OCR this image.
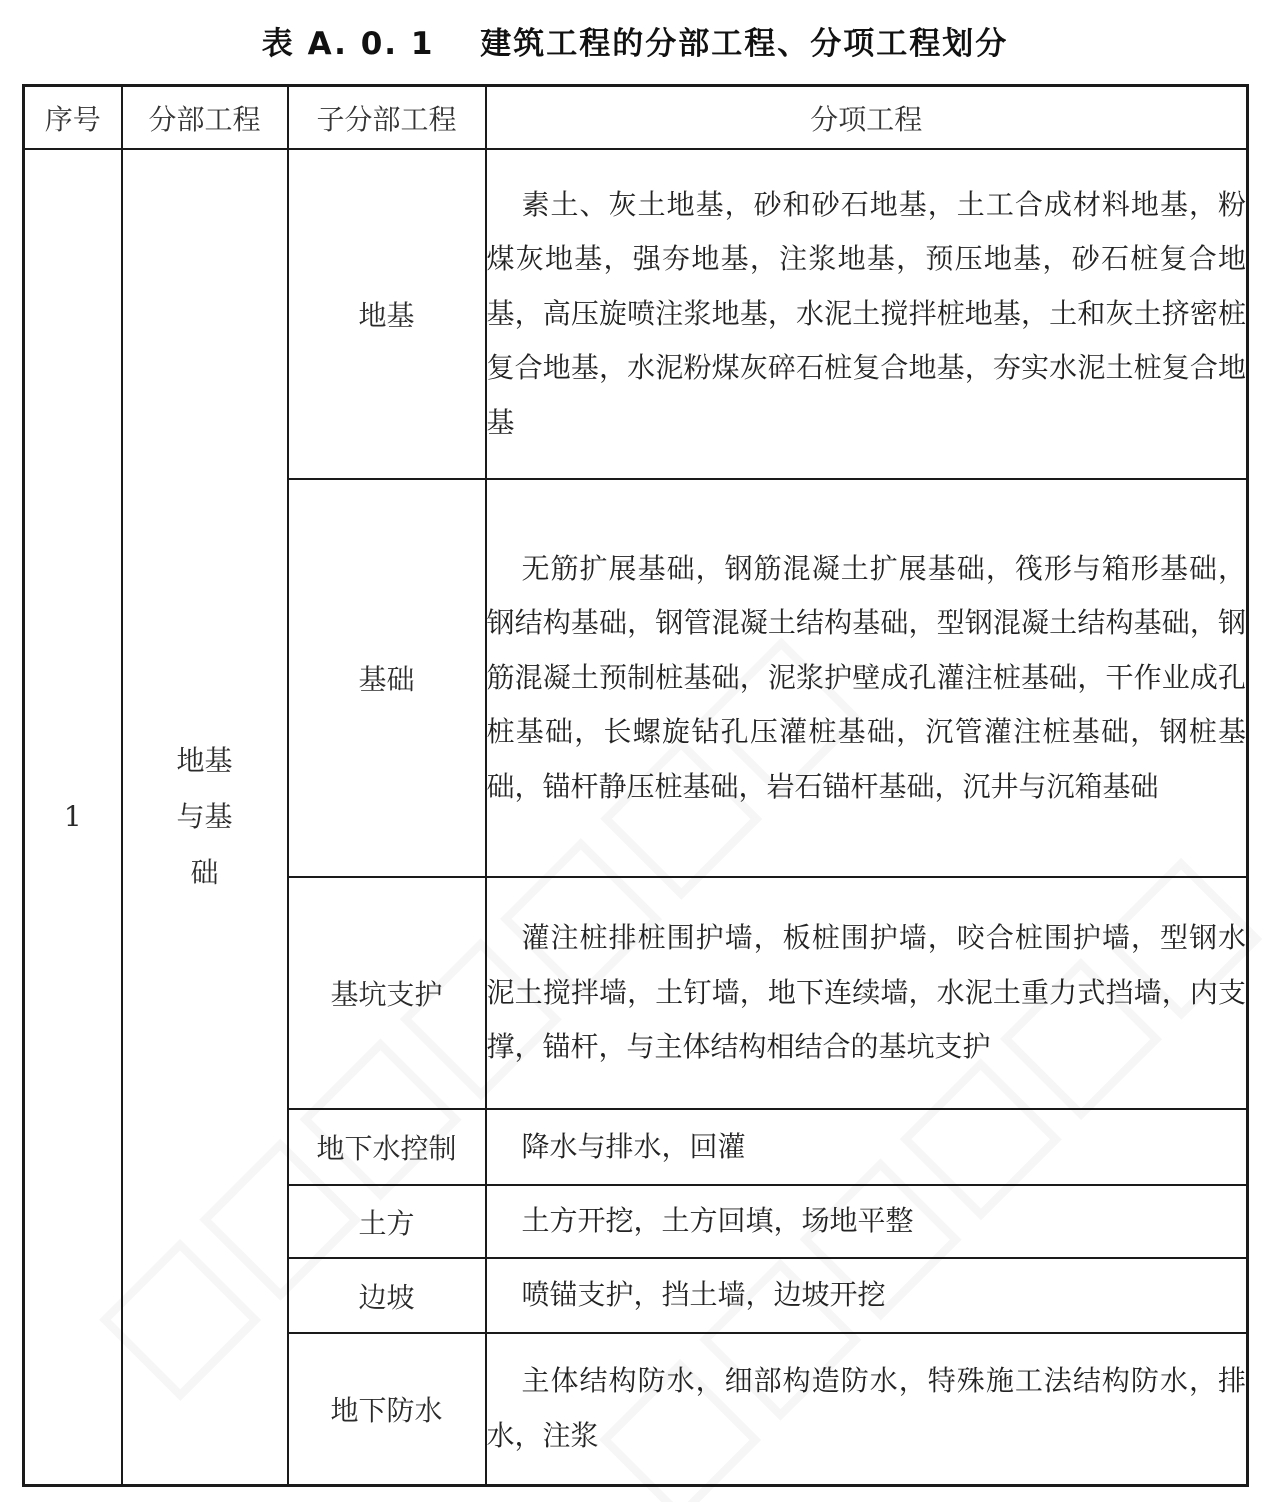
表 A. 0. 1　 建筑工程的分部工程、分项工程划分
序号	分部工程	子分部工程	分项工程
1	地基与基础	地基	素土、灰土地基，砂和砂石地基，土工合成材料地基，粉煤灰地基，强夯地基，注浆地基，预压地基，砂石桩复合地基，高压旋喷注浆地基，水泥土搅拌桩地基，土和灰土挤密桩复合地基，水泥粉煤灰碎石桩复合地基，夯实水泥土桩复合地基
		基础	无筋扩展基础，钢筋混凝土扩展基础，筏形与箱形基础，钢结构基础，钢管混凝土结构基础，型钢混凝土结构基础，钢筋混凝土预制桩基础，泥浆护壁成孔灌注桩基础，干作业成孔桩基础，长螺旋钻孔压灌桩基础，沉管灌注桩基础，钢桩基础，锚杆静压桩基础，岩石锚杆基础，沉井与沉箱基础
		基坑支护	灌注桩排桩围护墙，板桩围护墙，咬合桩围护墙，型钢水泥土搅拌墙，土钉墙，地下连续墙，水泥土重力式挡墙，内支撑，锚杆，与主体结构相结合的基坑支护
		地下水控制	降水与排水，回灌
		土方	土方开挖，土方回填，场地平整
		边坡	喷锚支护，挡土墙，边坡开挖
		地下防水	主体结构防水，细部构造防水，特殊施工法结构防水，排水，注浆
